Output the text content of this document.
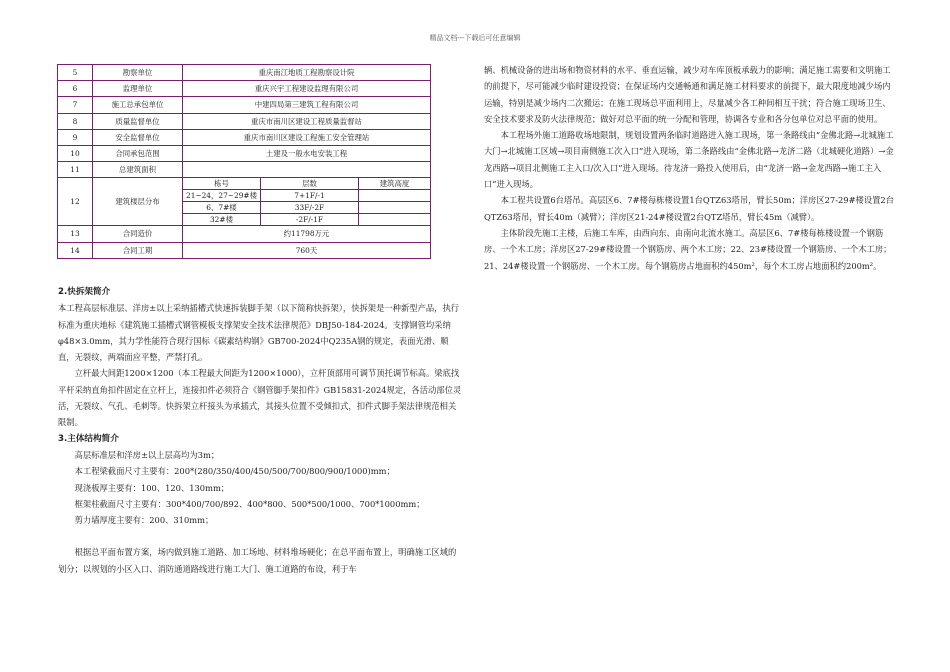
精品文档---下载后可任意编辑
5	勘察单位	重庆南江地质工程勘察设计院		
6	监理单位	重庆兴宇工程建设监理有限公司		
7	施工总承包单位	中建四局第三建筑工程有限公司		
8	质量监督单位	重庆市南川区建设工程质量监督站		
9	安全监督单位	重庆市南川区建设工程施工安全管理站		
10	合同承包范围	土建及一般水电安装工程		
11	总建筑面积			
12	建筑楼层分布	栋号	层数	建筑高度
		21~24，27~29#楼	7+1F/-1	
		6、7#楼	33F/-2F	
		32#楼	-2F/-1F	
13	合同造价	约11798万元		
14	合同工期	760天		

2.快拆架简介

本工程高层标准层、洋房±以上采纳插槽式快速拆装脚手架（以下简称快拆架），快拆架是一种新型产品，执行标准为重庆地标《建筑施工插槽式钢管模板支撑架安全技术法律规范》DBJ50-184-2024。支撑钢管均采纳φ48×3.0mm，其力学性能符合现行国标《碳素结构钢》GB700-2024中Q235A钢的规定，表面光滑、顺直，无裂纹，两端面应平整，严禁打孔。

立杆最大间距1200×1200（本工程最大间距为1200×1000），立杆顶部用可调节顶托调节标高。梁底找平杆采纳直角扣件固定在立杆上，连接扣件必须符合《钢管脚手架扣件》GB15831-2024规定，各活动部位灵活，无裂纹、气孔、毛刺等。快拆架立杆接头为承插式，其接头位置不受倾扣式，扣件式脚手架法律规范相关限制。

3.主体结构简介

高层标准层和洋房±以上层高均为3m；

本工程梁截面尺寸主要有：200*(280/350/400/450/500/700/800/900/1000)mm；

现浇板厚主要有：100、120、130mm；

框架柱截面尺寸主要有：300*400/700/892、400*800、500*500/1000、700*1000mm；

剪力墙厚度主要有：200、310mm；

根据总平面布置方案，场内做到施工道路、加工场地、材料堆场硬化；在总平面布置上，明确施工区域的划分；以规划的小区入口、消防通道路线进行施工大门、施工道路的布设，利于车

辆、机械设备的进出场和物资材料的水平、垂直运输，减少对车库顶板承载力的影响；满足施工需要和文明施工的前提下，尽可能减少临时建设投资；在保证场内交通畅通和满足施工材料要求的前提下，最大限度地减少场内运输，特别是减少场内二次搬运；在施工现场总平面利用上，尽量减少各工种间相互干扰；符合施工现场卫生、安全技术要求及防火法律规范；做好对总平面的统一分配和管理，协调各专业和各分包单位对总平面的使用。

本工程场外施工道路收场地限制，规划设置两条临时道路进入施工现场，第一条路线由“金佛北路→北城施工大门→北城施工区域→项目南侧施工次入口”进入现场，第二条路线由“金佛北路→龙济二路（北城硬化道路）→金龙西路→项目北侧施工主入口/次入口”进入现场。待龙济一路投入使用后，由“龙济一路→金龙西路→施工主入口”进入现场。

本工程共设置6台塔吊。高层区6、7#楼每栋楼设置1台QTZ63塔吊，臂长50m；洋房区27-29#楼设置2台QTZ63塔吊，臂长40m（减臂）；洋房区21-24#楼设置2台QTZ塔吊，臂长45m（减臂）。

主体阶段先施工主楼，后施工车库，由西向东、由南向北流水施工。高层区6、7#楼每栋楼设置一个钢筋房、一个木工房；洋房区27-29#楼设置一个钢筋房、两个木工房；22、23#楼设置一个钢筋房、一个木工房；21、24#楼设置一个钢筋房、一个木工房。每个钢筋房占地面积约450m²，每个木工房占地面积约200m²。
